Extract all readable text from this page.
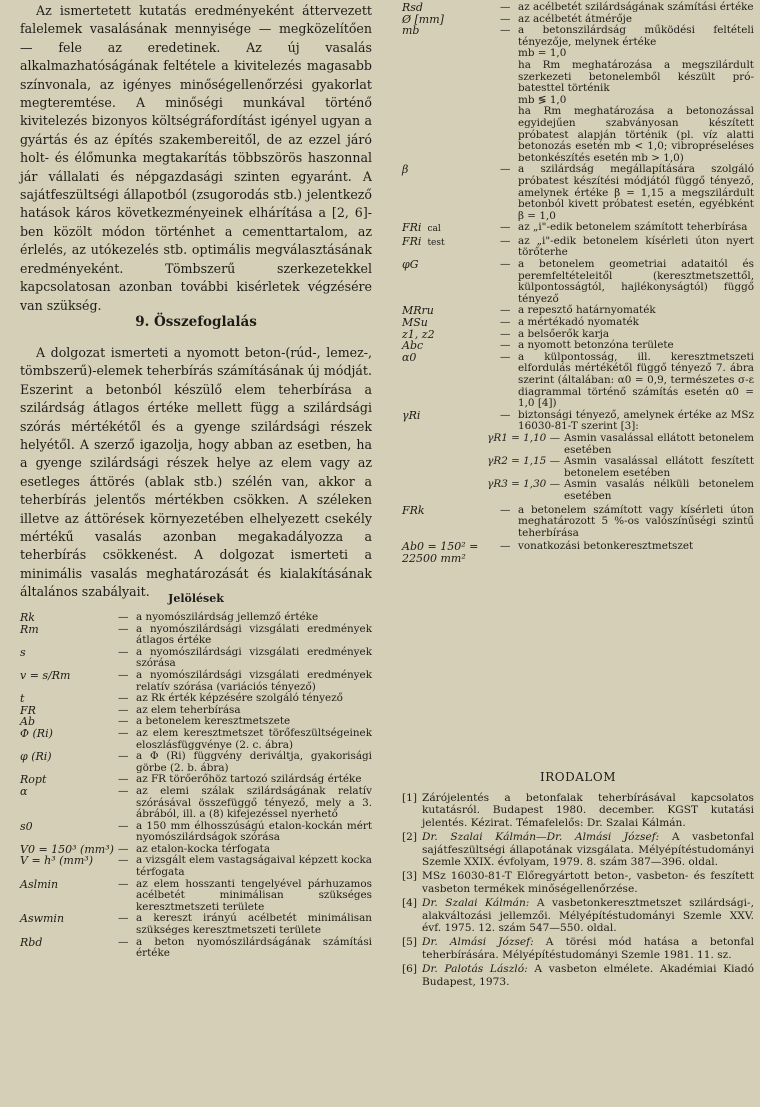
Az ismertetett kutatás eredményeként áttervezett falelemek vasalásának mennyisége — megközelítően — fele az eredetinek. Az új vasalás alkalmazhatóságának feltétele a kivitelezés magasabb színvonala, az igényes minőségellenőrzési gyakorlat megteremtése. A minőségi munkával történő kivitelezés bizonyos költségráfordítást igényel ugyan a gyártás és az építés szakembereitől, de az ezzel járó holt- és élőmunka megtakarítás többszörös haszonnal jár vállalati és népgazdasági szinten egyaránt. A sajátfeszültségi állapotból (zsugorodás stb.) jelentkező hatások káros következményeinek elhárítása a [2, 6]-ben közölt módon történhet a cementtartalom, az érlelés, az utókezelés stb. optimális megválasztásának eredményeként. Tömbszerű szerkezetekkel kapcsolatosan azonban további kisérletek végzésére van szükség.

9. Összefoglalás

A dolgozat ismerteti a nyomott beton-(rúd-, lemez-, tömbszerű)-elemek teherbírás számításának új módját. Eszerint a betonból készülő elem teherbírása a szilárdság átlagos értéke mellett függ a szilárdsági szórás mértékétől és a gyenge szilárdsági részek helyétől. A szerző igazolja, hogy abban az esetben, ha a gyenge szilárdsági részek helye az elem vagy az esetleges áttörés (ablak stb.) szélén van, akkor a teherbírás jelentős mértékben csökken. A széleken illetve az áttörések környezetében elhelyezett csekély mértékű vasalás azonban megakadályozza a teherbírás csökkenést. A dolgozat ismerteti a minimális vasalás meghatározását és kialakításának általános szabályait.	Jelölések
Rk	— a nyomószilárdság jellemző értéke
Rm	— a nyomószilárdsági vizsgálati eredmények átlagos értéke
s	— a nyomószilárdsági vizsgálati eredmények szórása
v = s/Rm	— a nyomószilárdsági vizsgálati eredmények relatív szórása (variációs tényező)
t	— az Rk érték képzésére szolgáló tényező
FR	— az elem teherbírása
Ab	— a betonelem keresztmetszete
Φ (Ri)	— az elem keresztmetszet törőfeszültségeinek eloszlásfüggvénye (2. c. ábra)
φ (Ri)	— a Φ (Ri) függvény deriváltja, gyakorisági görbe (2. b. ábra)
Ropt	— az FR törőerőhöz tartozó szilárdság értéke
α	— az elemi szálak szilárdságának relatív szórásával összefüggő tényező, mely a 3. ábrából, ill. a (8) kifejezéssel nyerhető
s0	— a 150 mm élhosszúságú etalon-kockán mért nyomószilárdságok szórása
V0 = 150³ (mm³) — az etalon-kocka térfogata
V = h³ (mm³)	— a vizsgált elem vastagságaival képzett kocka térfogata
Aslmin	— az elem hosszanti tengelyével párhuzamos acélbetét minimálisan szükséges keresztmetszeti területe
Aswmin	— a kereszt irányú acélbetét minimálisan szükséges keresztmetszeti területe
Rbd	— a beton nyomószilárdságának számítási értéke
Rsd	— az acélbetét szilárdságának számítási értéke
Ø [mm]	— az acélbetét átmérője
mb	— a betonszilárdság működési feltételi tényezője, melynek értéke
mb = 1,0
ha Rm meghatározása a megszilárdult szerkezeti betonelemből készült próbatesttel történik
mb ≶ 1,0
ha Rm meghatározása a betonozással egyidejűen szabványosan készített próbatest alapján történik (pl. víz alatti betonozás esetén mb < 1,0; vibropréseléses betonkészítés esetén mb > 1,0)
β	— a szilárdság megállapítására szolgáló próbatest készítési módjától függő tényező, amelynek értéke β = 1,15 a megszilárdult betonból kivett próbatest esetén, egyébként β = 1,0
FRi cal	— az „i"-edik betonelem számított teherbírása
FRi test	— az „i"-edik betonelem kísérleti úton nyert törőterhe
φG	— a betonelem geometriai adataitól és peremfeltételeitől (keresztmetszettől, külpontosságtól, hajlékonyságtól) függő tényező
MRru	— a repesztő határnyomaték
MSu	— a mértékadó nyomaték
z1, z2	— a belsőerők karja
Abc	— a nyomott betonzóna területe
α0	— a külpontosság, ill. keresztmetszeti elfordulás mértékétől függő tényező 7. ábra szerint (általában: α0 = 0,9, természetes σ-ε diagrammal történő számítás esetén α0 = 1,0 [4])
γRi	— biztonsági tényező, amelynek értéke az MSz 16030-81-T szerint [3]:
γR1 = 1,10 — Asmin vasalással ellátott betonelem esetében
γR2 = 1,15 — Asmin vasalással ellátott feszített betonelem esetében
γR3 = 1,30 — Asmin vasalás nélküli betonelem esetében
FRk	— a betonelem számított vagy kísérleti úton meghatározott 5 %-os valószínűségi szintű teherbírása
Ab0 = 150² = 22500 mm²
— vonatkozási betonkeresztmetszet
IRODALOM
[1] Zárójelentés a betonfalak teherbírásával kapcsolatos kutatásról. Budapest 1980. december. KGST kutatási jelentés. Kézirat. Témafelelős: Dr. Szalai Kálmán.
[2] Dr. Szalai Kálmán—Dr. Almási József: A vasbetonfal sajátfeszültségi állapotának vizsgálata. Mélyépítéstudományi Szemle XXIX. évfolyam, 1979. 8. szám 387—396. oldal.
[3] MSz 16030-81-T Előregyártott beton-, vasbeton- és feszített vasbeton termékek minőségellenőrzése.
[4] Dr. Szalai Kálmán: A vasbetonkeresztmetszet szilárdsági-, alakváltozási jellemzői. Mélyépítéstudományi Szemle XXV. évf. 1975. 12. szám 547—550. oldal.
[5] Dr. Almási József: A törési mód hatása a betonfal teherbírására. Mélyépítéstudományi Szemle 1981. 11. sz.
[6] Dr. Palotás László: A vasbeton elmélete. Akadémiai Kiadó Budapest, 1973.
